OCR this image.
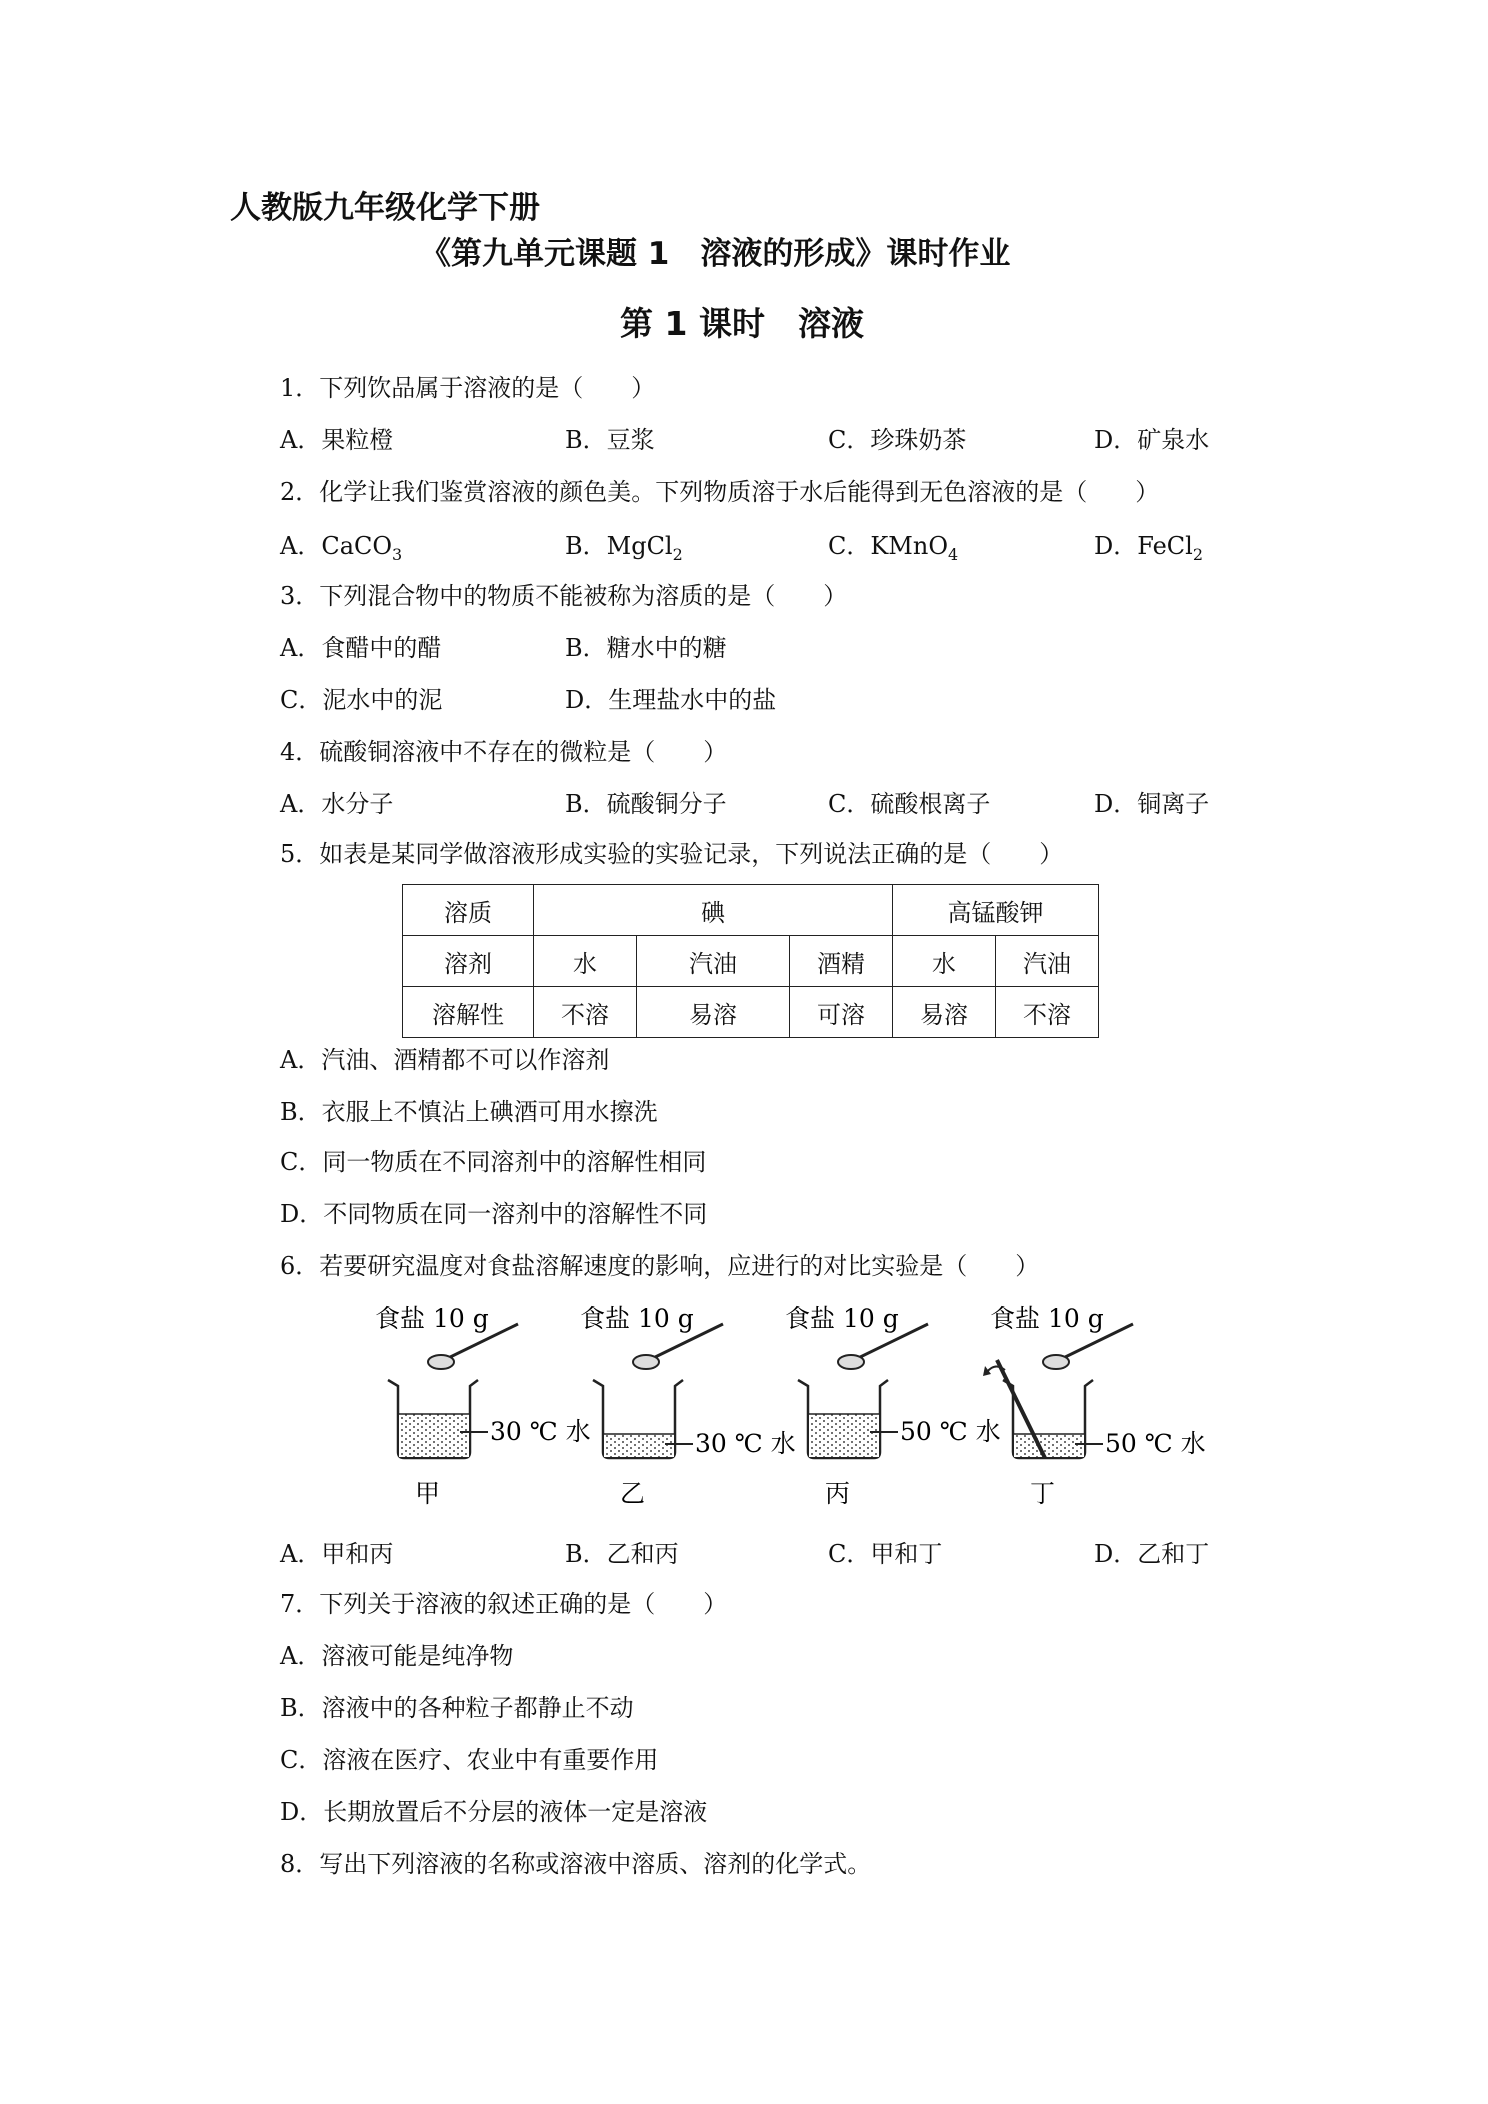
人教版九年级化学下册
《第九单元课题 1　溶液的形成》课时作业
第 1 课时　溶液
1．下列饮品属于溶液的是（　　）
A．果粒橙	B．豆浆	C．珍珠奶茶	D．矿泉水
2．化学让我们鉴赏溶液的颜色美。下列物质溶于水后能得到无色溶液的是（　　）
A．CaCO$_3$	B．MgCl$_2$	C．KMnO$_4$	D．FeCl$_2$
3．下列混合物中的物质不能被称为溶质的是（　　）
A．食醋中的醋	B．糖水中的糖
C．泥水中的泥	D．生理盐水中的盐
4．硫酸铜溶液中不存在的微粒是（　　）
A．水分子	B．硫酸铜分子	C．硫酸根离子	D．铜离子
5．如表是某同学做溶液形成实验的实验记录，下列说法正确的是（　　）
溶质	碘			高锰酸钾	
溶剂	水	汽油	酒精	水	汽油
溶解性	不溶	易溶	可溶	易溶	不溶
A．汽油、酒精都不可以作溶剂
B．衣服上不慎沾上碘酒可用水擦洗
C．同一物质在不同溶剂中的溶解性相同
D．不同物质在同一溶剂中的溶解性不同
6．若要研究温度对食盐溶解速度的影响，应进行的对比实验是（　　）
食盐 10 g
30 ℃ 水
甲
食盐 10 g
30 ℃ 水
乙
食盐 10 g
50 ℃ 水
丙
食盐 10 g
50 ℃ 水
丁
A．甲和丙	B．乙和丙	C．甲和丁	D．乙和丁
7．下列关于溶液的叙述正确的是（　　）
A．溶液可能是纯净物
B．溶液中的各种粒子都静止不动
C．溶液在医疗、农业中有重要作用
D．长期放置后不分层的液体一定是溶液
8．写出下列溶液的名称或溶液中溶质、溶剂的化学式。
